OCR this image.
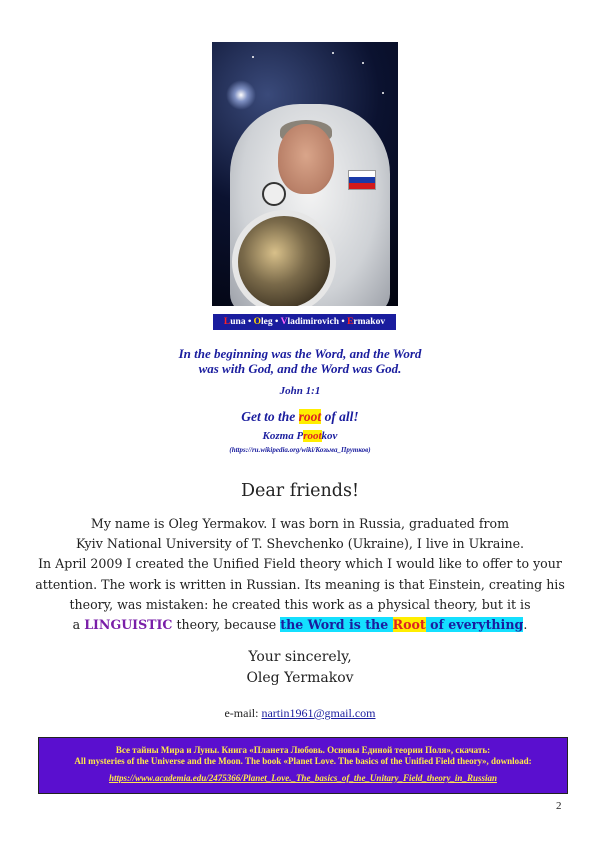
Luna • Oleg • Vladimirovich • Ermakov
In the beginning was the Word, and the Word
was with God, and the Word was God.
John 1:1
Get to the root of all!
Kozma Prootkov
(https://ru.wikipedia.org/wiki/Козьма_Прутков)
Dear friends!

My name is Oleg Yermakov. I was born in Russia, graduated from

Kyiv National University of T. Shevchenko (Ukraine), I live in Ukraine.

In April 2009 I created the Unified Field theory which I would like to offer to your

attention. The work is written in Russian. Its meaning is that Einstein, creating his

theory, was mistaken: he created this work as a physical theory, but it is

a LINGUISTIC theory, because the Word is the Root of everything.

Your sincerely,
Oleg Yermakov
e-mail: nartin1961@gmail.com
Все тайны Мира и Луны. Книга «Планета Любовь. Основы Единой теории Поля», скачать:
All mysteries of the Universe and the Moon. The book «Planet Love. The basics of the Unified Field theory», download:
https://www.academia.edu/2475366/Planet_Love._The_basics_of_the_Unitary_Field_theory_in_Russian
2
